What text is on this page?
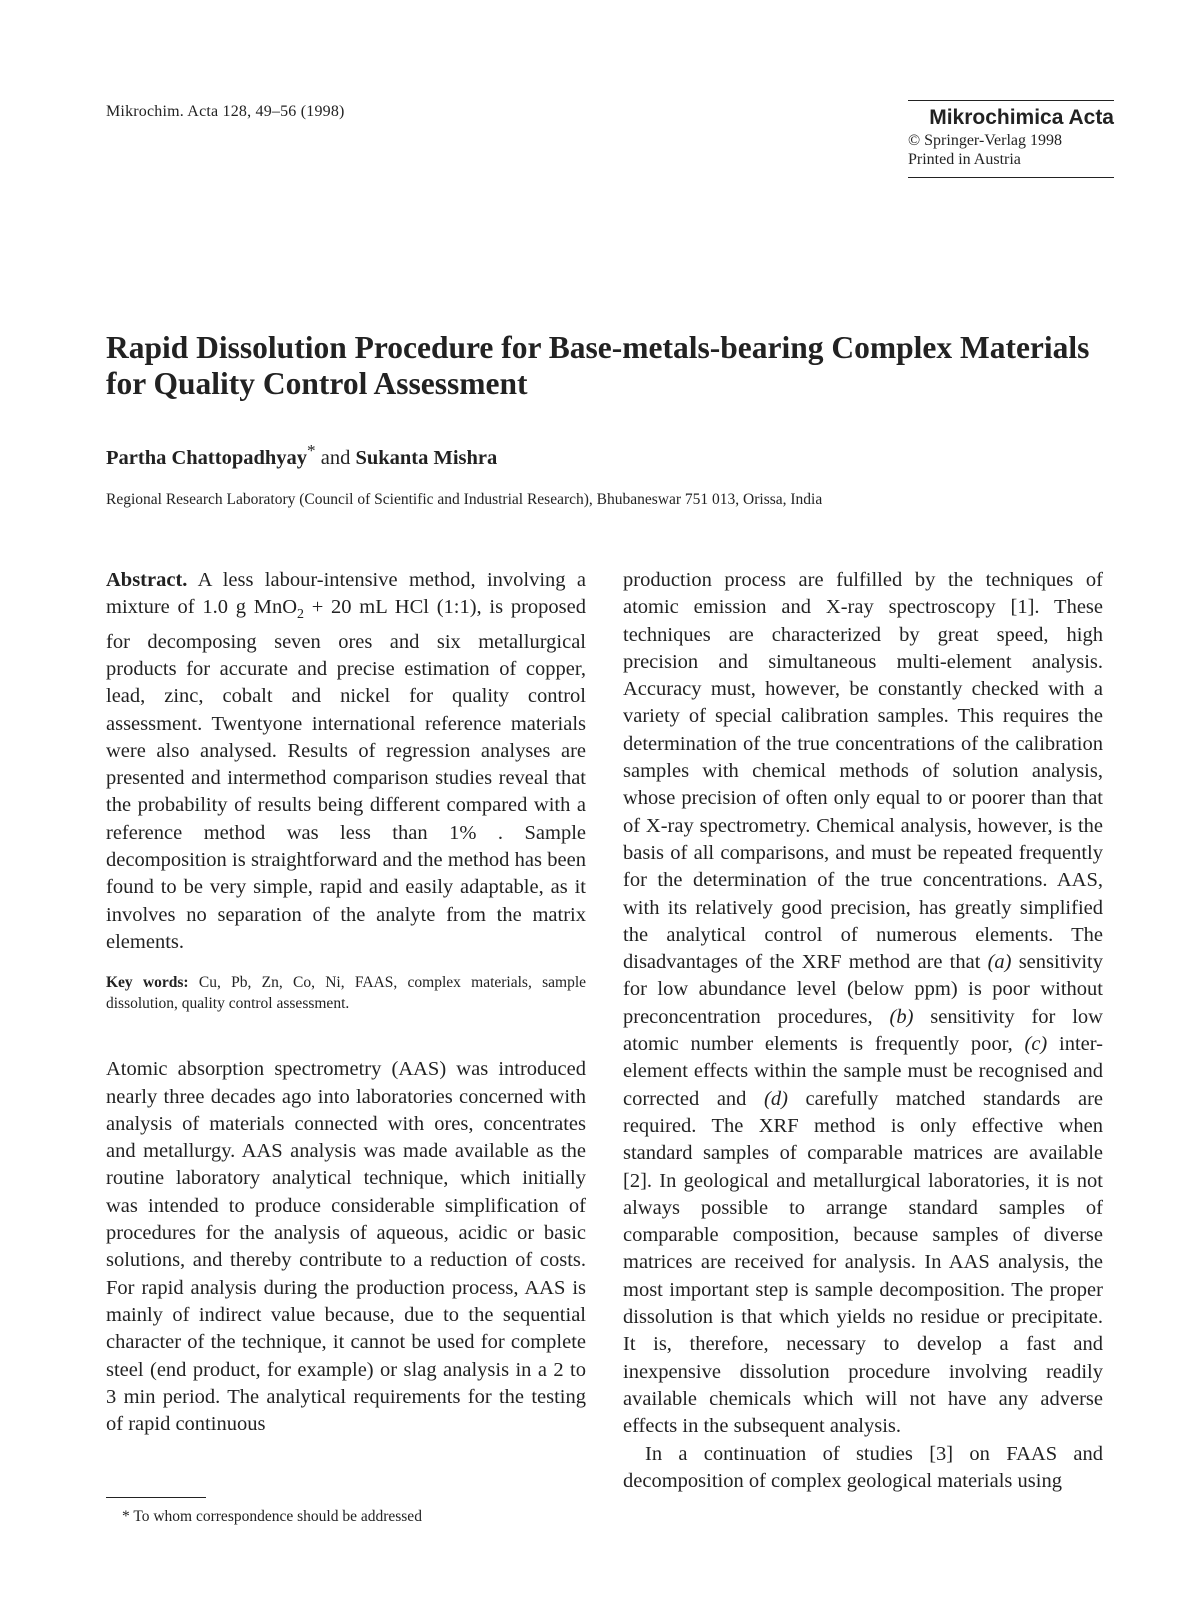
Mikrochim. Acta 128, 49–56 (1998)	Mikrochimica Acta
© Springer-Verlag 1998
Printed in Austria
Rapid Dissolution Procedure for Base-metals-bearing Complex Materials
for Quality Control Assessment
Partha Chattopadhyay* and Sukanta Mishra
Regional Research Laboratory (Council of Scientific and Industrial Research), Bhubaneswar 751 013, Orissa, India

Abstract. A less labour-intensive method, involving a mixture of 1.0 g MnO$_2$ + 20 mL HCl (1:1), is proposed for decomposing seven ores and six metallurgical products for accurate and precise estimation of copper, lead, zinc, cobalt and nickel for quality control assessment. Twentyone international reference materials were also analysed. Results of regression analyses are presented and intermethod comparison studies reveal that the probability of results being different compared with a reference method was less than 1% . Sample decomposition is straightforward and the method has been found to be very simple, rapid and easily adaptable, as it involves no separation of the analyte from the matrix elements.

Key words: Cu, Pb, Zn, Co, Ni, FAAS, complex materials, sample dissolution, quality control assessment.

Atomic absorption spectrometry (AAS) was introduced nearly three decades ago into laboratories concerned with analysis of materials connected with ores, concentrates and metallurgy. AAS analysis was made available as the routine laboratory analytical technique, which initially was intended to produce considerable simplification of procedures for the analysis of aqueous, acidic or basic solutions, and thereby contribute to a reduction of costs. For rapid analysis during the production process, AAS is mainly of indirect value because, due to the sequential character of the technique, it cannot be used for complete steel (end product, for example) or slag analysis in a 2 to 3 min period. The analytical requirements for the testing of rapid continuous

production process are fulfilled by the techniques of atomic emission and X-ray spectroscopy [1]. These techniques are characterized by great speed, high precision and simultaneous multi-element analysis. Accuracy must, however, be constantly checked with a variety of special calibration samples. This requires the determination of the true concentrations of the calibration samples with chemical methods of solution analysis, whose precision of often only equal to or poorer than that of X-ray spectrometry. Chemical analysis, however, is the basis of all comparisons, and must be repeated frequently for the determination of the true concentrations. AAS, with its relatively good precision, has greatly simplified the analytical control of numerous elements. The disadvantages of the XRF method are that (a) sensitivity for low abundance level (below ppm) is poor without preconcentration procedures, (b) sensitivity for low atomic number elements is frequently poor, (c) inter-element effects within the sample must be recognised and corrected and (d) carefully matched standards are required. The XRF method is only effective when standard samples of comparable matrices are available [2]. In geological and metallurgical laboratories, it is not always possible to arrange standard samples of comparable composition, because samples of diverse matrices are received for analysis. In AAS analysis, the most important step is sample decomposition. The proper dissolution is that which yields no residue or precipitate. It is, therefore, necessary to develop a fast and inexpensive dissolution procedure involving readily available chemicals which will not have any adverse effects in the subsequent analysis.

In a continuation of studies [3] on FAAS and decomposition of complex geological materials using

* To whom correspondence should be addressed
